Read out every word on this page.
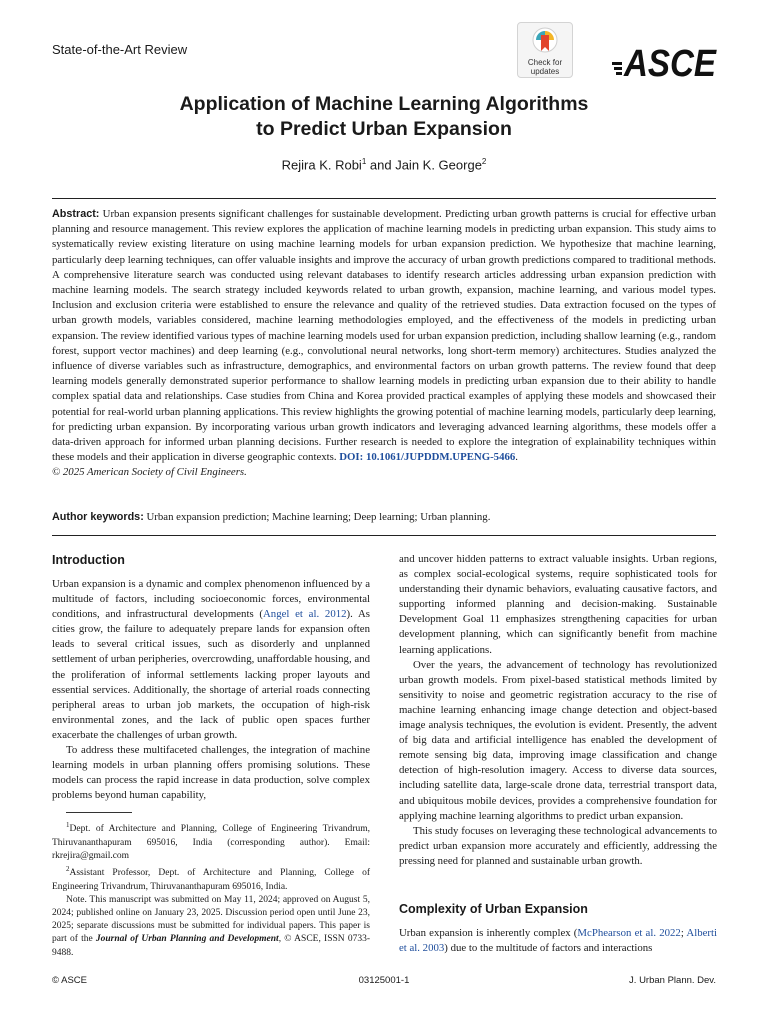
State-of-the-Art Review
Check for
updates	ASCE
Application of Machine Learning Algorithms
to Predict Urban Expansion
Rejira K. Robi$^1$ and Jain K. George$^2$

Abstract: Urban expansion presents significant challenges for sustainable development. Predicting urban growth patterns is crucial for effective urban planning and resource management. This review explores the application of machine learning models in predicting urban expansion. This study aims to systematically review existing literature on using machine learning models for urban expansion prediction. We hypothesize that machine learning, particularly deep learning techniques, can offer valuable insights and improve the accuracy of urban growth predictions compared to traditional methods. A comprehensive literature search was conducted using relevant databases to identify research articles addressing urban expansion prediction with machine learning models. The search strategy included keywords related to urban growth, expansion, machine learning, and various model types. Inclusion and exclusion criteria were established to ensure the relevance and quality of the retrieved studies. Data extraction focused on the types of urban growth models, variables considered, machine learning methodologies employed, and the effectiveness of the models in predicting urban expansion. The review identified various types of machine learning models used for urban expansion prediction, including shallow learning (e.g., random forest, support vector machines) and deep learning (e.g., convolutional neural networks, long short-term memory) architectures. Studies analyzed the influence of diverse variables such as infrastructure, demographics, and environmental factors on urban growth patterns. The review found that deep learning models generally demonstrated superior performance to shallow learning models in predicting urban expansion due to their ability to handle complex spatial data and relationships. Case studies from China and Korea provided practical examples of applying these models and showcased their potential for real-world urban planning applications. This review highlights the growing potential of machine learning models, particularly deep learning, for predicting urban expansion. By incorporating various urban growth indicators and leveraging advanced learning algorithms, these models offer a data-driven approach for informed urban planning decisions. Further research is needed to explore the integration of explainability techniques within these models and their application in diverse geographic contexts. DOI: 10.1061/JUPDDM.UPENG-5466.
© 2025 American Society of Civil Engineers.

Author keywords: Urban expansion prediction; Machine learning; Deep learning; Urban planning.
Introduction

Urban expansion is a dynamic and complex phenomenon influenced by a multitude of factors, including socioeconomic forces, environmental conditions, and infrastructural developments (Angel et al. 2012). As cities grow, the failure to adequately prepare lands for expansion often leads to several critical issues, such as disorderly and unplanned settlement of urban peripheries, overcrowding, unaffordable housing, and the proliferation of informal settlements lacking proper layouts and essential services. Additionally, the shortage of arterial roads connecting peripheral areas to urban job markets, the occupation of high-risk environmental zones, and the lack of public open spaces further exacerbate the challenges of urban growth.

To address these multifaceted challenges, the integration of machine learning models in urban planning offers promising solutions. These models can process the rapid increase in data production, solve complex problems beyond human capability,

$^1$Dept. of Architecture and Planning, College of Engineering Trivandrum, Thiruvananthapuram 695016, India (corresponding author). Email: rkrejira@gmail.com

$^2$Assistant Professor, Dept. of Architecture and Planning, College of Engineering Trivandrum, Thiruvananthapuram 695016, India.

Note. This manuscript was submitted on May 11, 2024; approved on August 5, 2024; published online on January 23, 2025. Discussion period open until June 23, 2025; separate discussions must be submitted for individual papers. This paper is part of the Journal of Urban Planning and Development, © ASCE, ISSN 0733-9488.

and uncover hidden patterns to extract valuable insights. Urban regions, as complex social-ecological systems, require sophisticated tools for understanding their dynamic behaviors, evaluating causative factors, and supporting informed planning and decision-making. Sustainable Development Goal 11 emphasizes strengthening capacities for urban development planning, which can significantly benefit from machine learning applications.

Over the years, the advancement of technology has revolutionized urban growth models. From pixel-based statistical methods limited by sensitivity to noise and geometric registration accuracy to the rise of machine learning enhancing image change detection and object-based image analysis techniques, the evolution is evident. Presently, the advent of big data and artificial intelligence has enabled the development of remote sensing big data, improving image classification and change detection of high-resolution imagery. Access to diverse data sources, including satellite data, large-scale drone data, terrestrial transport data, and ubiquitous mobile devices, provides a comprehensive foundation for applying machine learning algorithms to predict urban expansion.

This study focuses on leveraging these technological advancements to predict urban expansion more accurately and efficiently, addressing the pressing need for planned and sustainable urban growth.

Complexity of Urban Expansion

Urban expansion is inherently complex (McPhearson et al. 2022; Alberti et al. 2003) due to the multitude of factors and interactions

© ASCE	03125001-1	J. Urban Plann. Dev.
